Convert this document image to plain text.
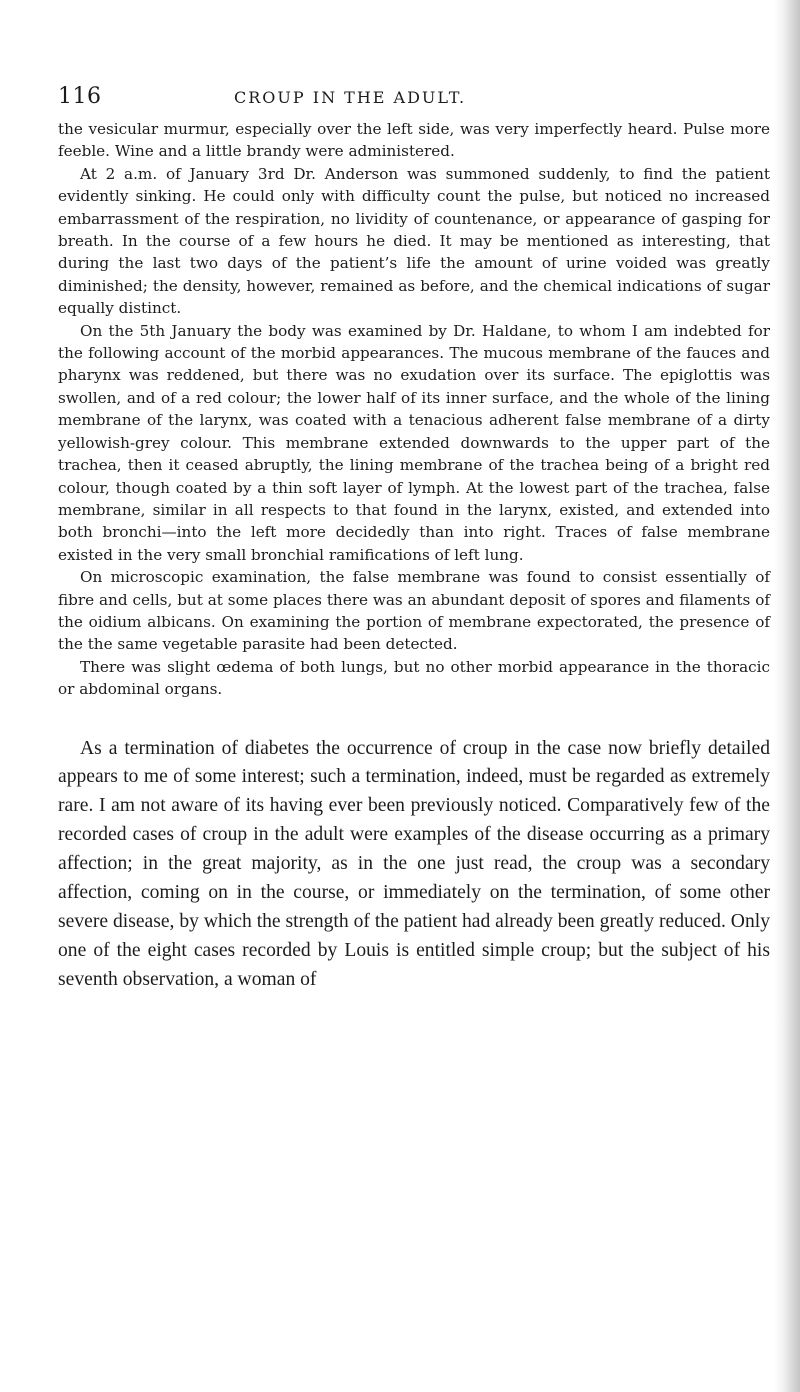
116	CROUP IN THE ADULT.

the vesicular murmur, especially over the left side, was very imperfectly heard. Pulse more feeble. Wine and a little brandy were administered.

At 2 a.m. of January 3rd Dr. Anderson was summoned suddenly, to find the patient evidently sinking. He could only with difficulty count the pulse, but noticed no increased embarrassment of the respiration, no lividity of countenance, or appearance of gasping for breath. In the course of a few hours he died. It may be mentioned as interesting, that during the last two days of the patient’s life the amount of urine voided was greatly diminished; the density, however, remained as before, and the chemical indications of sugar equally distinct.

On the 5th January the body was examined by Dr. Haldane, to whom I am indebted for the following account of the morbid appearances. The mucous membrane of the fauces and pharynx was reddened, but there was no exudation over its surface. The epiglottis was swollen, and of a red colour; the lower half of its inner surface, and the whole of the lining membrane of the larynx, was coated with a tenacious adherent false membrane of a dirty yellowish-grey colour. This membrane extended downwards to the upper part of the trachea, then it ceased abruptly, the lining membrane of the trachea being of a bright red colour, though coated by a thin soft layer of lymph. At the lowest part of the trachea, false membrane, similar in all respects to that found in the larynx, existed, and extended into both bronchi—into the left more decidedly than into right. Traces of false membrane existed in the very small bronchial ramifications of left lung.

On microscopic examination, the false membrane was found to consist essentially of fibre and cells, but at some places there was an abundant deposit of spores and filaments of the oidium albicans. On examining the portion of membrane expectorated, the presence of the the same vegetable parasite had been detected.

There was slight œdema of both lungs, but no other morbid appearance in the thoracic or abdominal organs.

As a termination of diabetes the occurrence of croup in the case now briefly detailed appears to me of some interest; such a termination, indeed, must be regarded as extremely rare. I am not aware of its having ever been previously noticed. Comparatively few of the recorded cases of croup in the adult were examples of the disease occurring as a primary affection; in the great majority, as in the one just read, the croup was a secondary affection, coming on in the course, or immediately on the termination, of some other severe disease, by which the strength of the patient had already been greatly reduced. Only one of the eight cases recorded by Louis is entitled simple croup; but the subject of his seventh observation, a woman of
